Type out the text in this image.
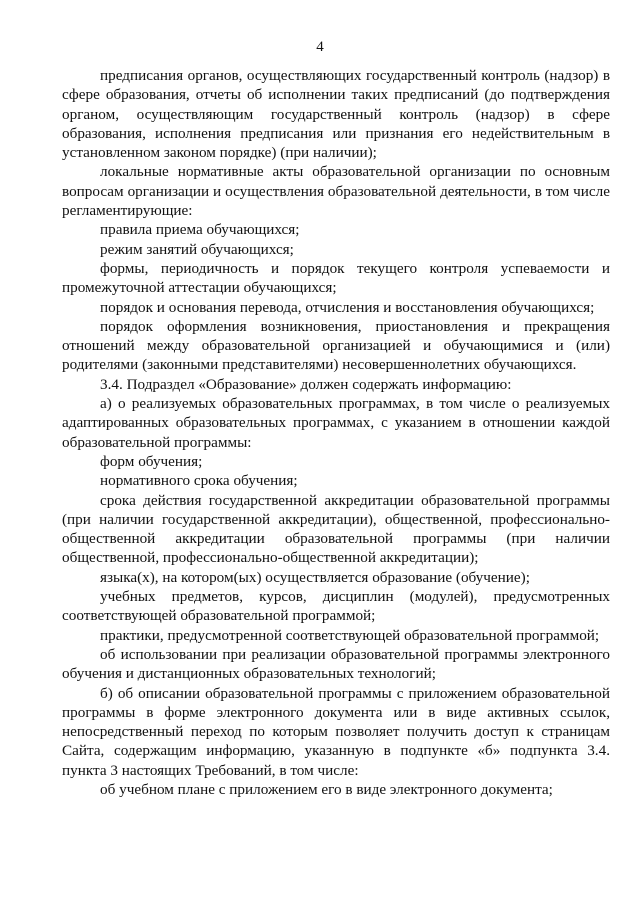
4

предписания органов, осуществляющих государственный контроль (надзор) в сфере образования, отчеты об исполнении таких предписаний (до подтверждения органом, осуществляющим государственный контроль (надзор) в сфере образования, исполнения предписания или признания его недействительным в установленном законом порядке) (при наличии);

локальные нормативные акты образовательной организации по основным вопросам организации и осуществления образовательной деятельности, в том числе регламентирующие:

правила приема обучающихся;

режим занятий обучающихся;

формы, периодичность и порядок текущего контроля успеваемости и промежуточной аттестации обучающихся;

порядок и основания перевода, отчисления и восстановления обучающихся;

порядок оформления возникновения, приостановления и прекращения отношений между образовательной организацией и обучающимися и (или) родителями (законными представителями) несовершеннолетних обучающихся.

3.4. Подраздел «Образование» должен содержать информацию:

а) о реализуемых образовательных программах, в том числе о реализуемых адаптированных образовательных программах, с указанием в отношении каждой образовательной программы:

форм обучения;

нормативного срока обучения;

срока действия государственной аккредитации образовательной программы (при наличии государственной аккредитации), общественной, профессионально-общественной аккредитации образовательной программы (при наличии общественной, профессионально-общественной аккредитации);

языка(х), на котором(ых) осуществляется образование (обучение);

учебных предметов, курсов, дисциплин (модулей), предусмотренных соответствующей образовательной программой;

практики, предусмотренной соответствующей образовательной программой;

об использовании при реализации образовательной программы электронного обучения и дистанционных образовательных технологий;

б) об описании образовательной программы с приложением образовательной программы в форме электронного документа или в виде активных ссылок, непосредственный переход по которым позволяет получить доступ к страницам Сайта, содержащим информацию, указанную в подпункте «б» подпункта 3.4. пункта 3 настоящих Требований, в том числе:

об учебном плане с приложением его в виде электронного документа;
